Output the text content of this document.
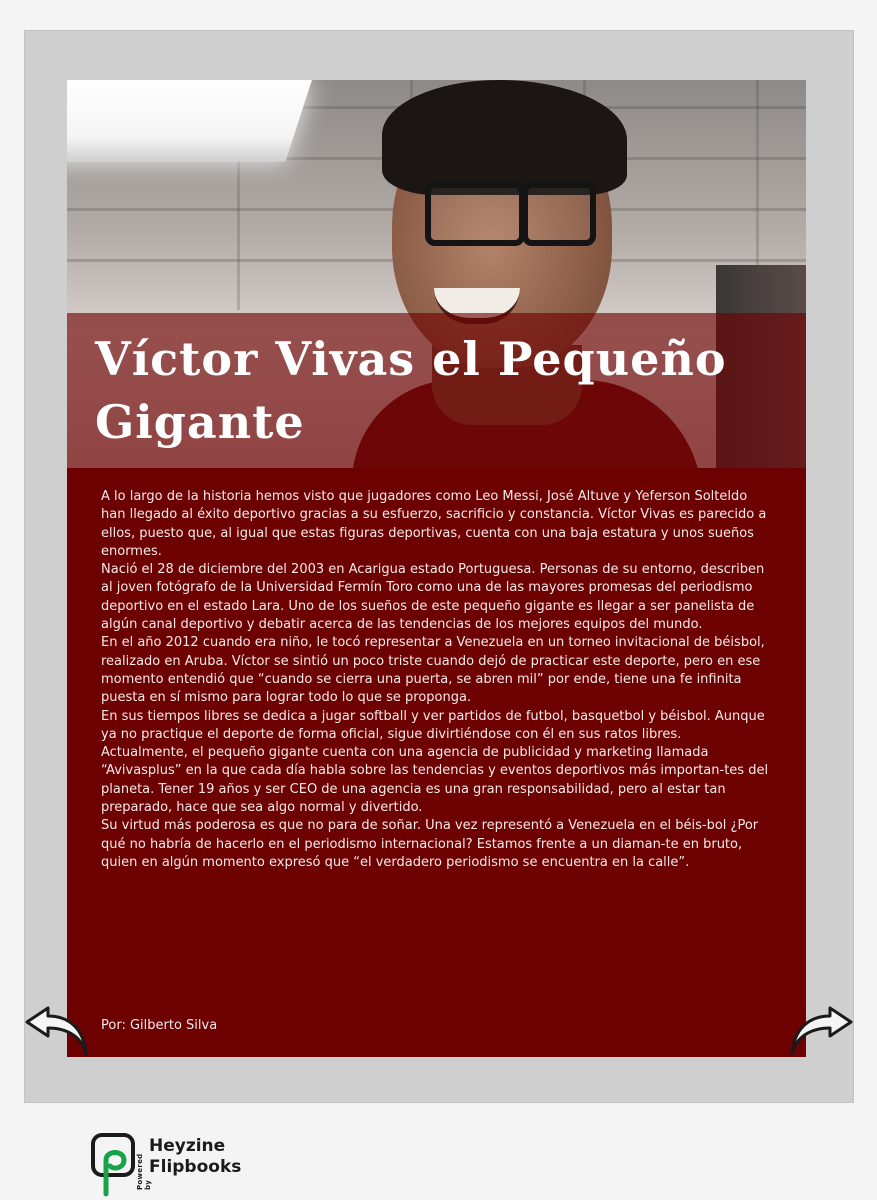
Víctor Vivas el Pequeño Gigante

A lo largo de la historia hemos visto que jugadores como Leo Messi, José Altuve y Yeferson Solteldo han llegado al éxito deportivo gracias a su esfuerzo, sacrificio y constancia. Víctor Vivas es parecido a ellos, puesto que, al igual que estas figuras deportivas, cuenta con una baja estatura y unos sueños enormes.

Nació el 28 de diciembre del 2003 en Acarigua estado Portuguesa. Personas de su entorno, describen al joven fotógrafo de la Universidad Fermín Toro como una de las mayores promesas del periodismo deportivo en el estado Lara. Uno de los sueños de este pequeño gigante es llegar a ser panelista de algún canal deportivo y debatir acerca de las tendencias de los mejores equipos del mundo.

En el año 2012 cuando era niño, le tocó representar a Venezuela en un torneo invitacional de béisbol, realizado en Aruba. Víctor se sintió un poco triste cuando dejó de practicar este deporte, pero en ese momento entendió que “cuando se cierra una puerta, se abren mil” por ende, tiene una fe infinita puesta en sí mismo para lograr todo lo que se proponga.

En sus tiempos libres se dedica a jugar softball y ver partidos de futbol, basquetbol y béisbol. Aunque ya no practique el deporte de forma oficial, sigue divirtiéndose con él en sus ratos libres.

Actualmente, el pequeño gigante cuenta con una agencia de publicidad y marketing llamada “Avivasplus” en la que cada día habla sobre las tendencias y eventos deportivos más importan-tes del planeta. Tener 19 años y ser CEO de una agencia es una gran responsabilidad, pero al estar tan preparado, hace que sea algo normal y divertido.

Su virtud más poderosa es que no para de soñar. Una vez representó a Venezuela en el béis-bol ¿Por qué no habría de hacerlo en el periodismo internacional? Estamos frente a un diaman-te en bruto, quien en algún momento expresó que “el verdadero periodismo se encuentra en la calle”.

Por: Gilberto Silva
Powered by
Heyzine
Flipbooks
